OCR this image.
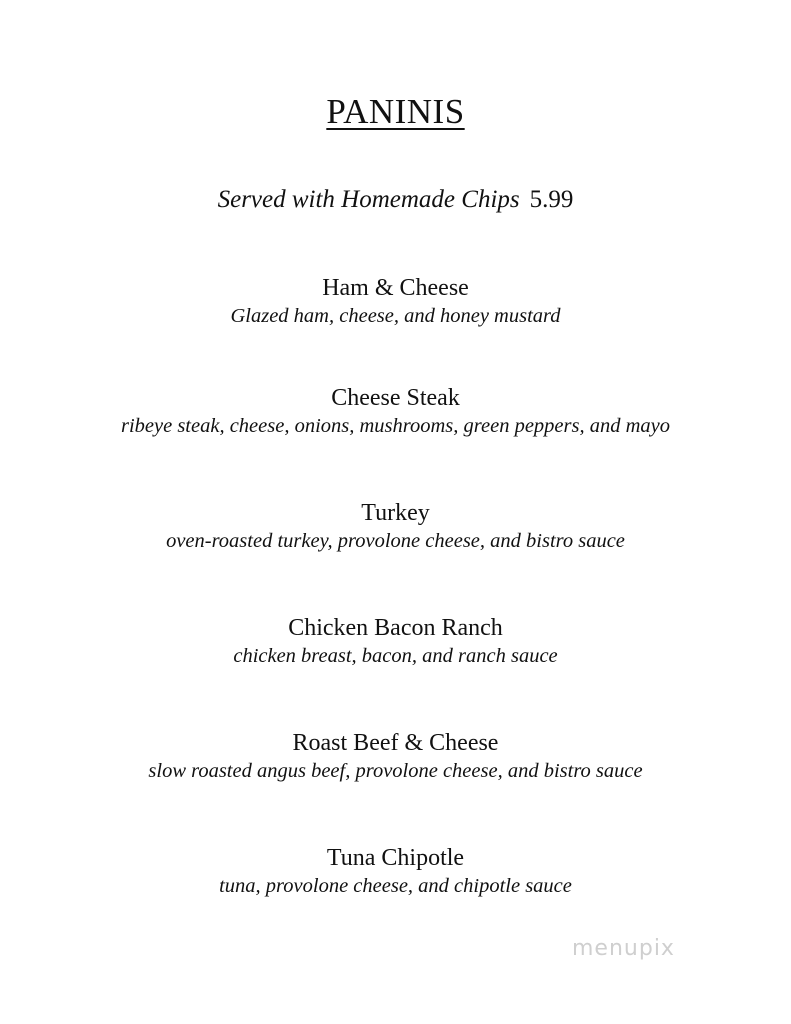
PANINIS
Served with Homemade Chips 5.99
Ham & Cheese
Glazed ham, cheese, and honey mustard
Cheese Steak
ribeye steak, cheese, onions, mushrooms, green peppers, and mayo
Turkey
oven-roasted turkey, provolone cheese, and bistro sauce
Chicken Bacon Ranch
chicken breast, bacon, and ranch sauce
Roast Beef & Cheese
slow roasted angus beef, provolone cheese, and bistro sauce
Tuna Chipotle
tuna, provolone cheese, and chipotle sauce
menupix
